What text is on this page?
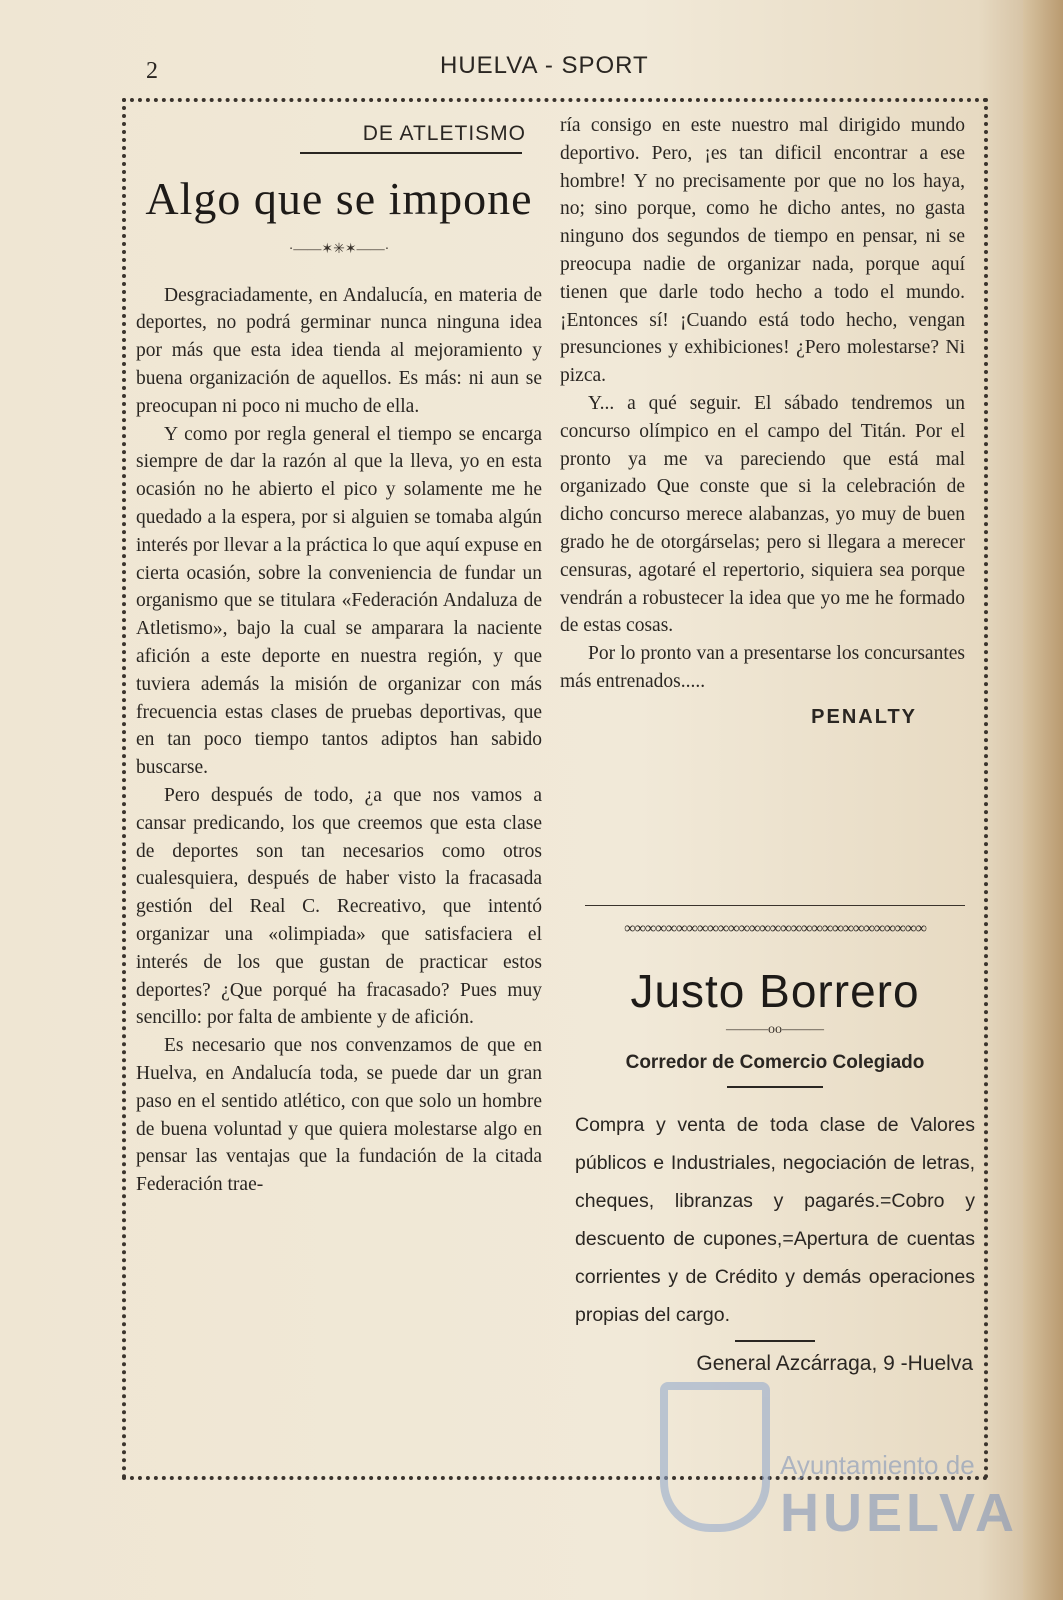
2	HUELVA - SPORT
DE ATLETISMO
Algo que se impone
·——✶✳✶——·

Desgraciadamente, en Andalucía, en materia de deportes, no podrá germinar nunca ninguna idea por más que esta idea tienda al mejoramiento y buena organización de aquellos. Es más: ni aun se preocupan ni poco ni mucho de ella.

Y como por regla general el tiempo se encarga siempre de dar la razón al que la lleva, yo en esta ocasión no he abierto el pico y solamente me he quedado a la espera, por si alguien se tomaba algún interés por llevar a la práctica lo que aquí expuse en cierta ocasión, sobre la conveniencia de fundar un organismo que se titulara «Federación Andaluza de Atletismo», bajo la cual se amparara la naciente afición a este deporte en nuestra región, y que tuviera además la misión de organizar con más frecuencia estas clases de pruebas deportivas, que en tan poco tiempo tantos adiptos han sabido buscarse.

Pero después de todo, ¿a que nos vamos a cansar predicando, los que creemos que esta clase de deportes son tan necesarios como otros cualesquiera, después de haber visto la fracasada gestión del Real C. Recreativo, que intentó organizar una «olimpiada» que satisfaciera el interés de los que gustan de practicar estos deportes? ¿Que porqué ha fracasado? Pues muy sencillo: por falta de ambiente y de afición.

Es necesario que nos convenzamos de que en Huelva, en Andalucía toda, se puede dar un gran paso en el sentido atlético, con que solo un hombre de buena voluntad y que quiera molestarse algo en pensar las ventajas que la fundación de la citada Federación trae-

ría consigo en este nuestro mal dirigido mundo deportivo. Pero, ¡es tan dificil encontrar a ese hombre! Y no precisamente por que no los haya, no; sino porque, como he dicho antes, no gasta ninguno dos segundos de tiempo en pensar, ni se preocupa nadie de organizar nada, porque aquí tienen que darle todo hecho a todo el mundo. ¡Entonces sí! ¡Cuando está todo hecho, vengan presunciones y exhibiciones! ¿Pero molestarse? Ni pizca.

Y... a qué seguir. El sábado tendremos un concurso olímpico en el campo del Titán. Por el pronto ya me va pareciendo que está mal organizado Que conste que si la celebración de dicho concurso merece alabanzas, yo muy de buen grado he de otorgárselas; pero si llegara a merecer censuras, agotaré el repertorio, siquiera sea porque vendrán a robustecer la idea que yo me he formado de estas cosas.

Por lo pronto van a presentarse los concursantes más entrenados.....

PENALTY
∞∞∞∞∞∞∞∞∞∞∞∞∞∞∞∞∞∞∞∞∞∞∞∞∞∞∞∞∞
Justo Borrero
———oo———
Corredor de Comercio Colegiado
Compra y venta de toda clase de Valores públicos e Industriales, negociación de letras, cheques, libranzas y pagarés.=Cobro y descuento de cupones,=Apertura de cuentas corrientes y de Crédito y demás operaciones propias del cargo.
General Azcárraga, 9 -Huelva
Ayuntamiento de
HUELVA
